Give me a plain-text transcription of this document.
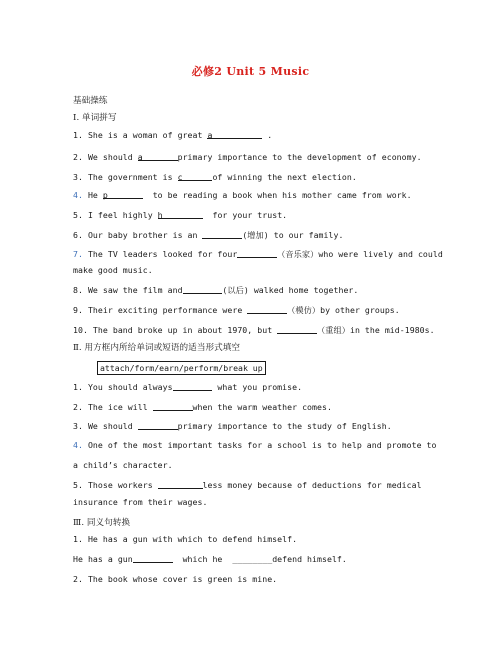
必修2 Unit 5 Music
基础操练
Ⅰ. 单词拼写
1. She is a woman of great a           .
2. We should a       primary importance to the development of economy.
3. The government is c      of winning the next election.
4. He p         to be reading a book when his mother came from work.
5. I feel highly h          for your trust.
6. Our baby brother is an	(增加) to our family.
7. The TV leaders looked for four	（音乐家）who were lively and could
make good music.
8. We saw the film and	(以后) walked home together.
9. Their exciting performance were	（模仿）by other groups.
10. The band broke up in about 1970, but	（重组）in the mid-1980s.
Ⅱ. 用方框内所给单词或短语的适当形式填空
attach/form/earn/perform/break up
1. You should always	what you promise.
2. The ice will	when the warm weather comes.
3. We should	primary importance to the study of English.
4. One of the most important tasks for a school is to help and promote to
a child’s character.
5. Those workers	less money because of deductions for medical
insurance from their wages.
Ⅲ. 同义句转换
1. He has a gun with which to defend himself.
He has a gun	which he  ________defend himself.
2. The book whose cover is green is mine.
